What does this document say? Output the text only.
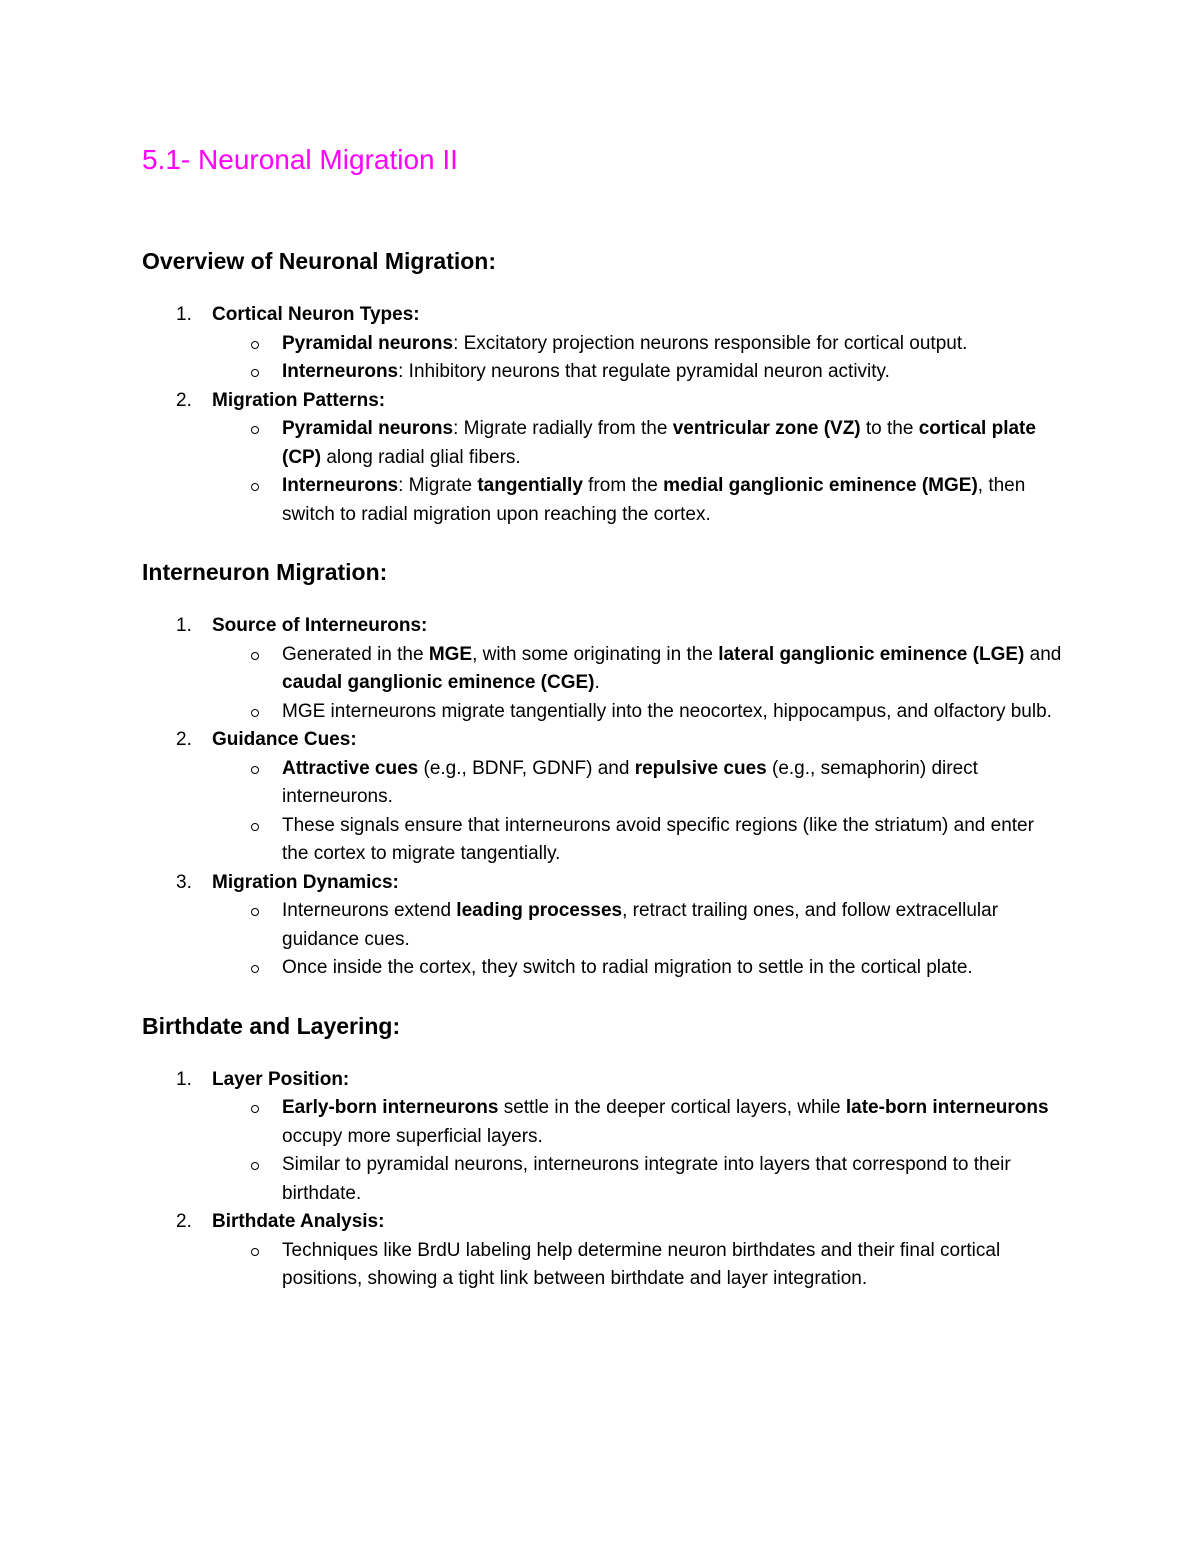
5.1- Neuronal Migration II
Overview of Neuronal Migration:
1. Cortical Neuron Types:
Pyramidal neurons: Excitatory projection neurons responsible for cortical output.
Interneurons: Inhibitory neurons that regulate pyramidal neuron activity.
2. Migration Patterns:
Pyramidal neurons: Migrate radially from the ventricular zone (VZ) to the cortical plate (CP) along radial glial fibers.
Interneurons: Migrate tangentially from the medial ganglionic eminence (MGE), then switch to radial migration upon reaching the cortex.
Interneuron Migration:
1. Source of Interneurons:
Generated in the MGE, with some originating in the lateral ganglionic eminence (LGE) and caudal ganglionic eminence (CGE).
MGE interneurons migrate tangentially into the neocortex, hippocampus, and olfactory bulb.
2. Guidance Cues:
Attractive cues (e.g., BDNF, GDNF) and repulsive cues (e.g., semaphorin) direct interneurons.
These signals ensure that interneurons avoid specific regions (like the striatum) and enter the cortex to migrate tangentially.
3. Migration Dynamics:
Interneurons extend leading processes, retract trailing ones, and follow extracellular guidance cues.
Once inside the cortex, they switch to radial migration to settle in the cortical plate.
Birthdate and Layering:
1. Layer Position:
Early-born interneurons settle in the deeper cortical layers, while late-born interneurons occupy more superficial layers.
Similar to pyramidal neurons, interneurons integrate into layers that correspond to their birthdate.
2. Birthdate Analysis:
Techniques like BrdU labeling help determine neuron birthdates and their final cortical positions, showing a tight link between birthdate and layer integration.
